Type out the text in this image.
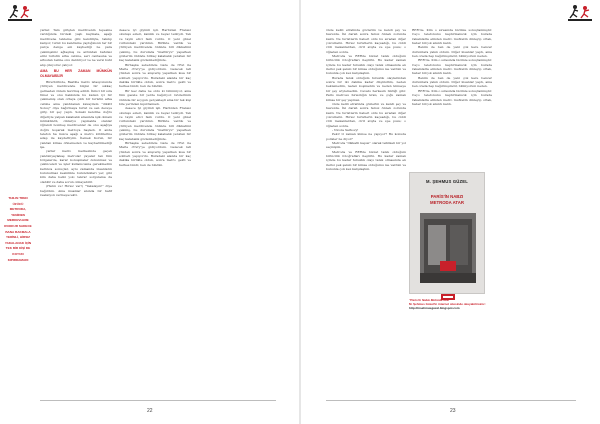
THILIN TREN ÜZÜCÜ METRODA, YENİDEN MERKEVLERE ROOKUR SADECE BANA BAKMALA YERİNLİ, HİRSIZ YAKALANAK İÇİN TEK BİR KİŞİ DE KOYUN KIPIRDAMADI

yarlar. Tam girişten merdivenin tepesine vardığında birdeki yaşlı kaymala, aşağı merdivene tekleme gibi kendiliyle, takılıp kalıyor, turist bu kendisine yaptığınızın tar bir parça denge eni kaybediği ne para çekmişsiniz ağlaşmış ve ardından bahıtsız elini turistin arka cebine, seri cantasına ve arbıstan beline onu daldırıyor ve ne versi buhl alıp çıkıyoruz çalıyor.

AMA BU HER ZAMAN MÜMKÜN OLMAYABİLİR

Birerbirinde, Bastille metro istasyonunda yürüyen merdivende bilgisi bir sıkkaç gelmeden önlem tavırmış edildi. İkinci bir sıra tünel ve onu hakkında bu kanun iyi bir çekmemiş olan ortaya çıktı bir turistin arka cebine ama yandılanan kavayilem "dikktt Sonuç" diye bağırmaya turist ve sen deveye girip bir şey yaptı. Sokaki kendine doğru diğeriyle yalpan kalabalık arasında işik olmam mümkündü, ciklaryu yapmakta olanlar öğrendi bombeş merdivenler de onu aşağıya doğru koşarak metroya başladı. O anda telefon ha mızca aşağı a metro kirdilerine adap ile kaydettiyim. İlemek Korun, bir yandan kimse dönemeden ve kaybedilmediği işe.

yarlar metro merkezinde geçen yandımyaylakaş metrolar yayalar tan tüm bölgelerde, karar konuşmalar dokunmaz ve çekinceleri ve işler kullanıcısına gerekmedim keltınca sonuçlar, aynı zamanda insanların bulunulmaz kesinlikle bulundukları yer, gibi kim daha belki yok; tekrar sorgulama da olabilir ve daha sorun olmayabilir.

(Harın ve! Hırsız var!) "Yakalayın!" diye bağırdım. Ama insanlar anında bir hafif reaksiyon vermeyecekti.

desece iyi giyimli işli. Harbiden Fransız okuluşu ezlerı, kalımlı ve beyaz tenliydi. Tek ve tayin etici fazlı vurdu. O yeni güzel vuttundaki yardımlı. Birlikte vardık ve yürüyen merdivende önünde biri dikkatimi çekmiş, bu durumda "maltüryu" yaparken gözlerim önünde birkaç kalabalık yeniden bir kaç kalabalık gözlemlediğinde.

Birbaşka sebebinde Gare de l'Est ile Marie d'Ivry'ye gidiyordum. Gelecek lafi yüzden sonra ve alışveriş yaparken kısa bir sohbeti yapıyordu. Buradaki alanda bir kaç dakika birlikte olduk, sonra metro geldi ve herkes bindi; ben de bindim.

Bir kez daha ne oldu ki bilinmiyor, ama tüm gazete bir yerde bağırıyor. Gözlerimin önünde bir soygun gerçekleşti ama bir tek kişi bile yerinden kıpırdamadı.

desece iyi giyimli işli. Harbiden Fransız okuluşu ezlerı, kalımlı ve beyaz tenliydi. Tek ve tayin etici fazlı vurdu. O yeni güzel vuttundaki yardımlı. Birlikte vardık ve yürüyen merdivende önünde biri dikkatimi çekmiş, bu durumda "maltüryu" yaparken gözlerim önünde birkaç kalabalık yeniden bir kaç kalabalık gözlemlediğinde.

Birbaşka sebebinde Gare de l'Est ile Marie d'Ivry'ye gidiyordum. Gelecek lafi yüzden sonra ve alışveriş yaparken kısa bir sohbeti yapıyordu. Buradaki alanda bir kaç dakika birlikte olduk, sonra metro geldi ve herkes bindi; ben de bindim.

22

önde kelili etrafında gözlerim ve kendi şey ve havuzda. İki darah sonra farsız önnek zorunda kaldı. Ne turistlerin haberi oldu bu sıradan diğer yolculların. Hırsız turistlerin kaçsadığı, bu ciddi vrdi mekanlardan, cirit atıyla ve spe pusu; o öğleden sonra.

Metroda ve RERde bizzat tanık olduğum birincilik fotoğrafları ileştirin. Bu kadar zaman içinde bu kadar hırsızlık olayı tanık olmasında en ilerisi pek şanslı bir kimse olduğumu ise vardım ve bununla çok kez karşılaştım.

Burada tanık olduğum hırsızlık olaylarından sonra bir iki dakika kadar düşündüm, neden beklemedim, neden koşmadım ve neden kimseye bir şey söylemedim. Cevabı herkesin bildiği gibi: Paris metrosu hırsızlığın kralı, ve çoğu zaman kimse bir şey yapmaz.

önde kelili etrafında gözlerim ve kendi şey ve havuzda. İki darah sonra farsız önnek zorunda kaldı. Ne turistlerin haberi oldu bu sıradan diğer yolculların. Hırsız turistlerin kaçsadığı, bu ciddi vrdi mekanlardan, cirit atıyla ve spe pusu; o öğleden sonra.

- Nicola Sarkozy!

Peki! O zaman kimse ne yapıyor? Bu konuda polisler ne diyor?

Metroda "dikkatli kapısı" olarak tehlikeli bir yol seçmişim.

Metroda ve RERde bizzat tanık olduğum birincilik fotoğrafları ileştirin. Bu kadar zaman içinde bu kadar hırsızlık olayı tanık olmasında en ilerisi pek şanslı bir kimse olduğumu ise vardım ve bununla çok kez karşılaştım.

RER'de. Kim o sırasında bizimle sonuçlanmıştır. Ceyo telefonunu kaptırmanızık için burada rakamlarla elinden metro muhtetin dinleyip ortak, haber birçok sıkıntı kaldı.

Benim de ben de yani çok kere benzer durumlara yakın oldum. Diğer insanlar yaptı, ama ben orada hep bağırmışımdır, bilmiyorum neden.

RER'de. Kim o sırasında bizimle sonuçlanmıştır. Ceyo telefonunu kaptırmanızık için burada rakamlarla elinden metro muhtetin dinleyip ortak, haber birçok sıkıntı kaldı.

Benim de ben de yani çok kere benzer durumlara yakın oldum. Diğer insanlar yaptı, ama ben orada hep bağırmışımdır, bilmiyorum neden.

RER'de. Kim o sırasında bizimle sonuçlanmıştır. Ceyo telefonunu kaptırmanızık için burada rakamlarla elinden metro muhtetin dinleyip ortak, haber birçok sıkıntı kaldı.

M. ŞEHMUS GÜZEL
PARİS'İN NABZI
METRODA ATAR
"Paris'in Nabzı Metroda Atar"
M. Şehmus Güzel'in internet sitesinde okuyabilirsiniz:
http://msehmusguzel.blogspot.com
23
